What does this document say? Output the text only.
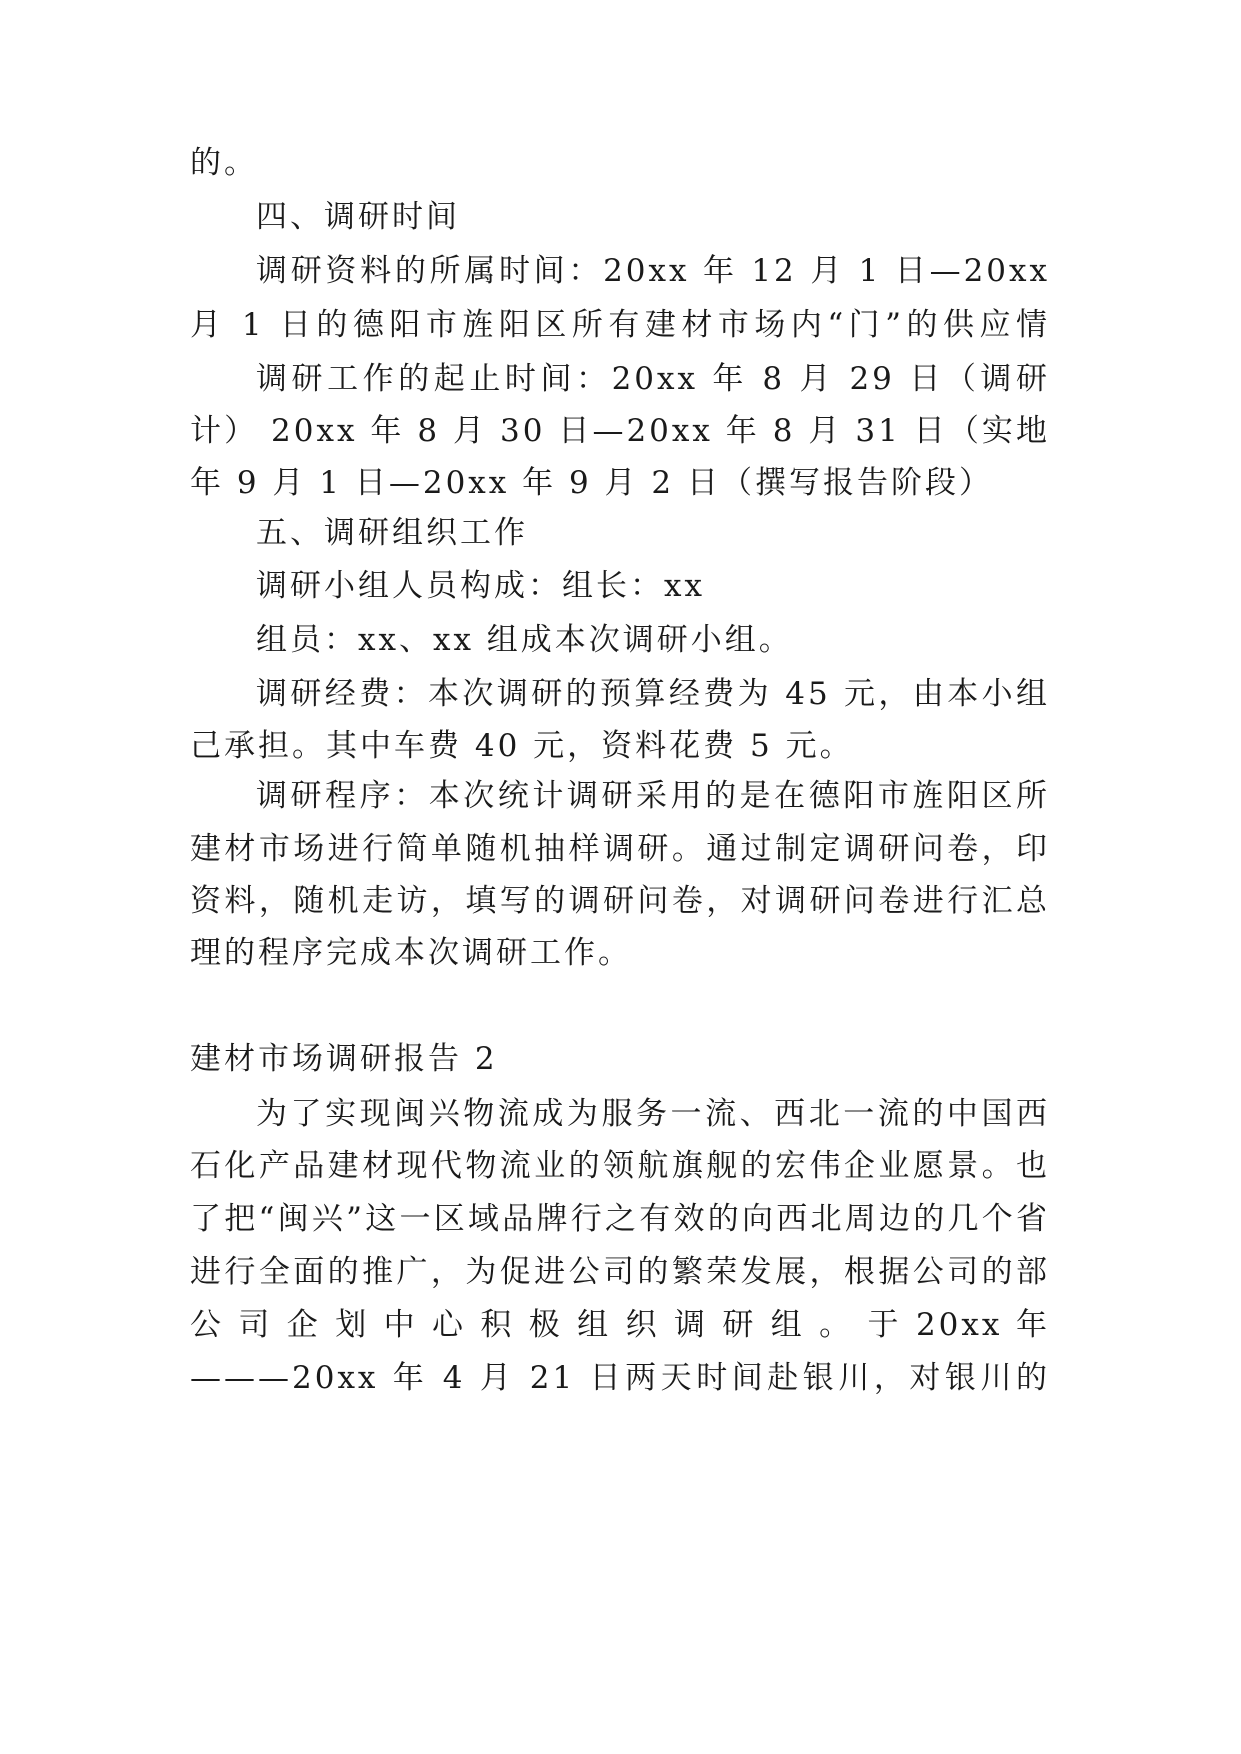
的。
四、调研时间
调研资料的所属时间：20xx 年 12 月 1 日—20xx
月 1 日的德阳市旌阳区所有建材市场内“门”的供应情
调研工作的起止时间：20xx 年 8 月 29 日（调研
计） 20xx 年 8 月 30 日—20xx 年 8 月 31 日（实地
年 9 月 1 日—20xx 年 9 月 2 日（撰写报告阶段）
五、调研组织工作
调研小组人员构成：组长：xx
组员：xx、xx 组成本次调研小组。
调研经费：本次调研的预算经费为 45 元，由本小组
己承担。其中车费 40 元，资料花费 5 元。
调研程序：本次统计调研采用的是在德阳市旌阳区所
建材市场进行简单随机抽样调研。通过制定调研问卷，印
资料，随机走访，填写的调研问卷，对调研问卷进行汇总
理的程序完成本次调研工作。
建材市场调研报告 2
为了实现闽兴物流成为服务一流、西北一流的中国西
石化产品建材现代物流业的领航旗舰的宏伟企业愿景。也
了把“闽兴”这一区域品牌行之有效的向西北周边的几个省
进行全面的推广，为促进公司的繁荣发展，根据公司的部
公 司 企 划 中 心 积 极 组 织 调 研 组 。 于 20xx 年
———20xx 年 4 月 21 日两天时间赴银川，对银川的
